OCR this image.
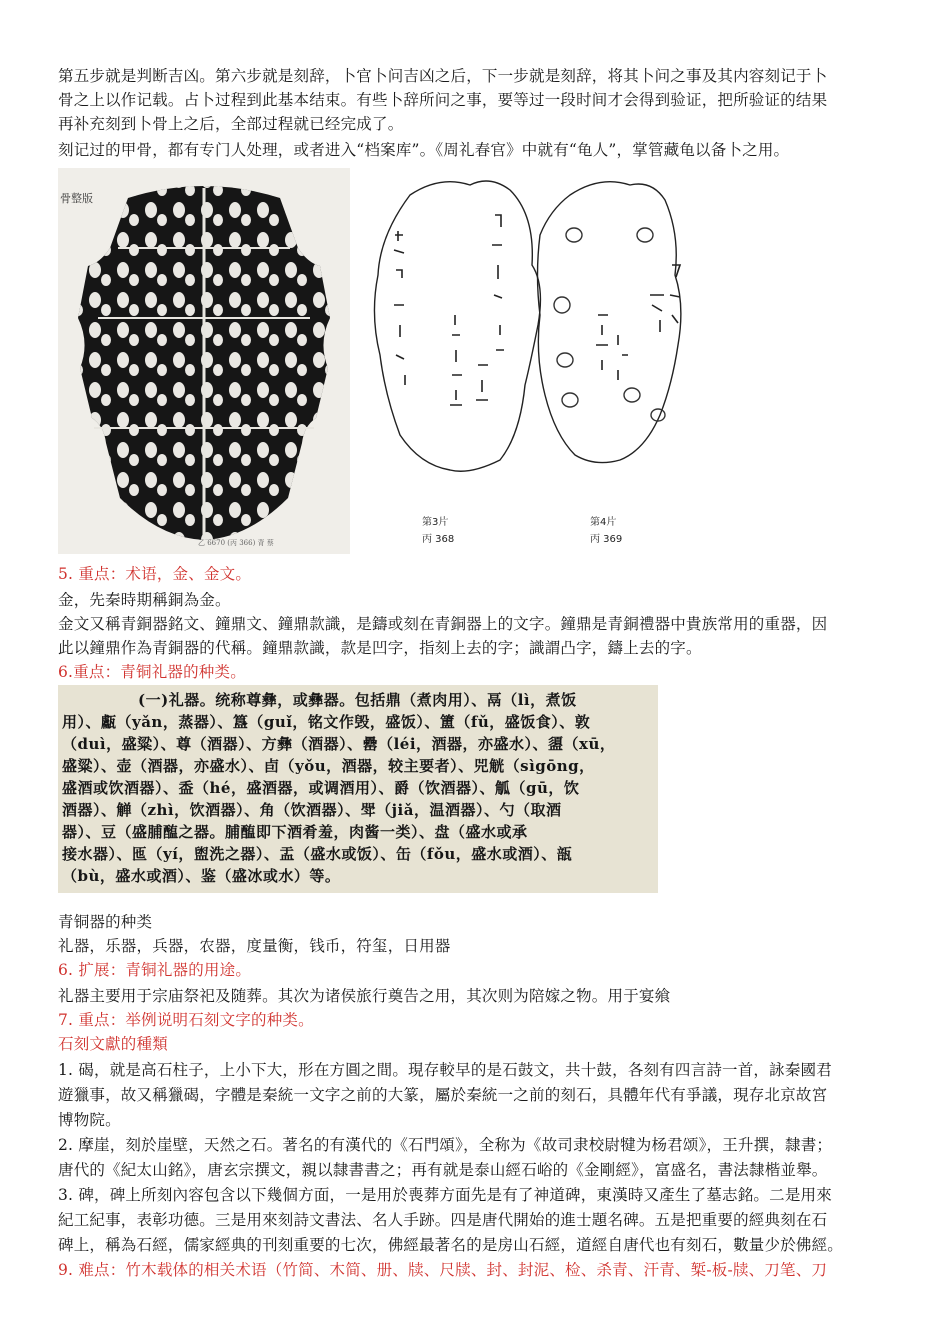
第五步就是判断吉凶。第六步就是刻辞，卜官卜问吉凶之后，下一步就是刻辞，将其卜问之事及其内容刻记于卜
骨之上以作记载。占卜过程到此基本结束。有些卜辞所问之事，要等过一段时间才会得到验证，把所验证的结果
再补充刻到卜骨上之后，全部过程就已经完成了。
刻记过的甲骨，都有专门人处理，或者进入“档案库”。《周礼春官》中就有“龟人”，掌管藏龟以备卜之用。
骨整版
乙 6670 (丙 366) 背 蔡
第3片
丙 368
第4片
丙 369
5. 重点：术语，金、金文。
金，先秦時期稱銅為金。
金文又稱青銅器銘文、鐘鼎文、鐘鼎款識，是鑄或刻在青銅器上的文字。鐘鼎是青銅禮器中貴族常用的重器，因
此以鐘鼎作為青銅器的代稱。鐘鼎款識，款是凹字，指刻上去的字；識謂凸字，鑄上去的字。
6.重点：青铜礼器的种类。
(一)礼器。统称尊彝，或彝器。包括鼎（煮肉用）、鬲（lì，煮饭
用）、甗（yǎn，蒸器）、簋（guǐ，铭文作毁，盛饭）、簠（fǔ，盛饭食）、敦
（duì，盛粱）、尊（酒器）、方彝（酒器）、罍（léi，酒器，亦盛水）、盨（xū，
盛粱）、壶（酒器，亦盛水）、卣（yǒu，酒器，较主要者）、兕觥（sìgōng，
盛酒或饮酒器）、盉（hé，盛酒器，或调酒用）、爵（饮酒器）、觚（gū，饮
酒器）、觯（zhì，饮酒器）、角（饮酒器）、斝（jiǎ，温酒器）、勺（取酒
器）、豆（盛脯醢之器。脯醢即下酒肴羞，肉酱一类）、盘（盛水或承
接水器）、匜（yí，盥洗之器）、盂（盛水或饭）、缶（fǒu，盛水或酒）、瓿
（bù，盛水或酒）、鉴（盛冰或水）等。
青铜器的种类
礼器，乐器，兵器，农器，度量衡，钱币，符玺，日用器
6. 扩展：青铜礼器的用途。
礼器主要用于宗庙祭祀及随葬。其次为诸侯旅行奠告之用，其次则为陪嫁之物。用于宴飨
7. 重点：举例说明石刻文字的种类。
石刻文獻的種類
1. 碣，就是高石柱子，上小下大，形在方圓之間。現存較早的是石鼓文，共十鼓，各刻有四言詩一首，詠秦國君
遊獵事，故又稱獵碣，字體是秦統一文字之前的大篆，屬於秦統一之前的刻石，具體年代有爭議，現存北京故宮
博物院。
2. 摩崖，刻於崖壁，天然之石。著名的有漢代的《石門頌》，全称为《故司隶校尉犍为杨君颂》，王升撰，隸書；
唐代的《紀太山銘》，唐玄宗撰文，親以隸書書之；再有就是泰山經石峪的《金剛經》，富盛名，書法隸楷並舉。
3. 碑，碑上所刻內容包含以下幾個方面，一是用於喪葬方面先是有了神道碑，東漢時又產生了墓志銘。二是用來
紀工紀事，表彰功德。三是用來刻詩文書法、名人手跡。四是唐代開始的進士題名碑。五是把重要的經典刻在石
碑上，稱為石經，儒家經典的刊刻重要的七次，佛經最著名的是房山石經，道經自唐代也有刻石，數量少於佛經。
9. 难点：竹木载体的相关术语（竹简、木简、册、牍、尺牍、封、封泥、检、杀青、汗青、椠-板-牍、刀笔、刀
